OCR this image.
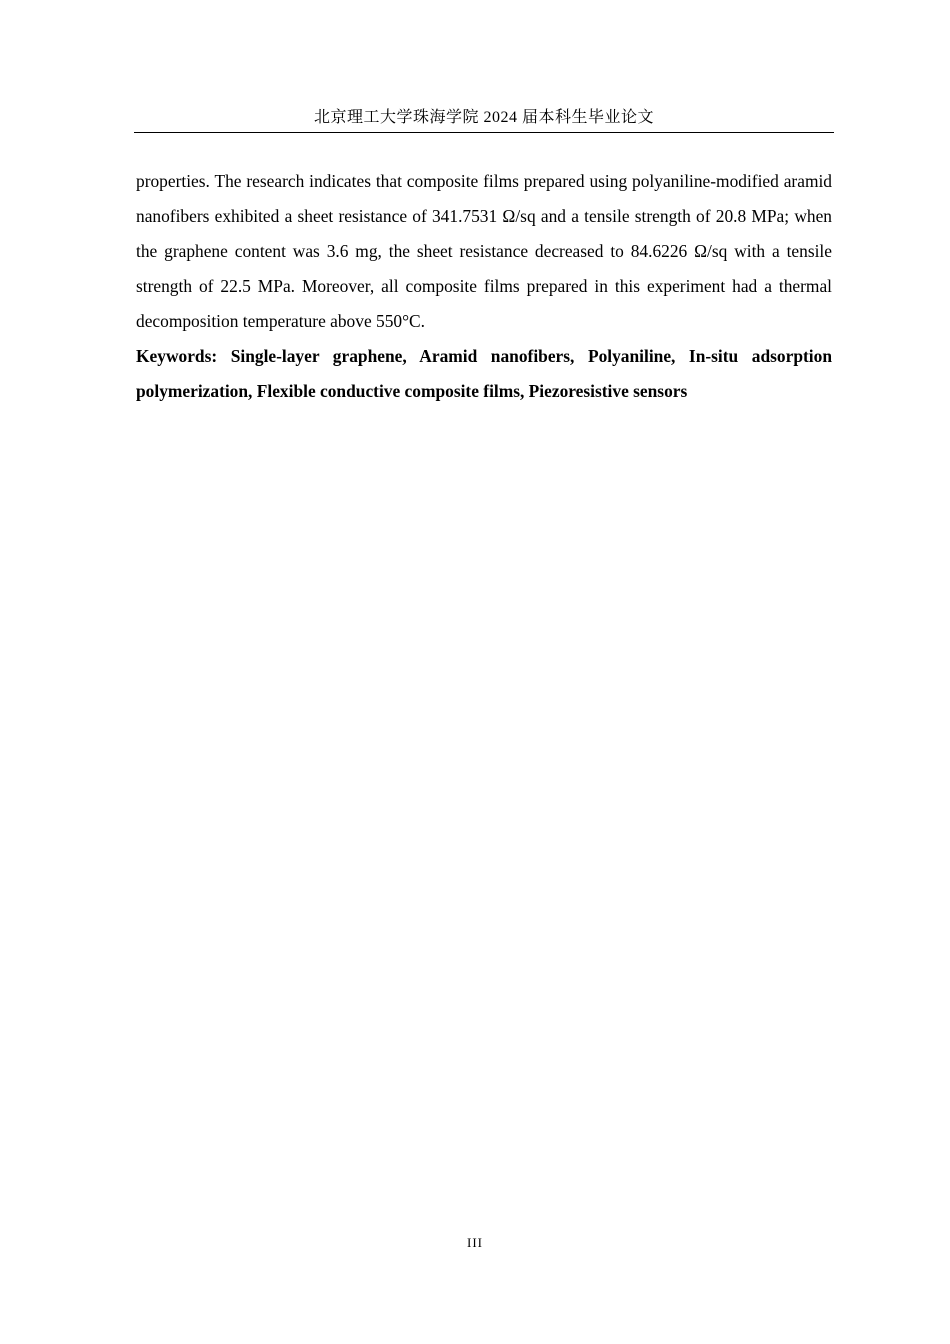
北京理工大学珠海学院 2024 届本科生毕业论文

properties. The research indicates that composite films prepared using polyaniline-modified aramid nanofibers exhibited a sheet resistance of 341.7531 Ω/sq and a tensile strength of 20.8 MPa; when the graphene content was 3.6 mg, the sheet resistance decreased to 84.6226 Ω/sq with a tensile strength of 22.5 MPa. Moreover, all composite films prepared in this experiment had a thermal decomposition temperature above 550°C.

Keywords: Single-layer graphene, Aramid nanofibers, Polyaniline, In-situ adsorption polymerization, Flexible conductive composite films, Piezoresistive sensors

III
